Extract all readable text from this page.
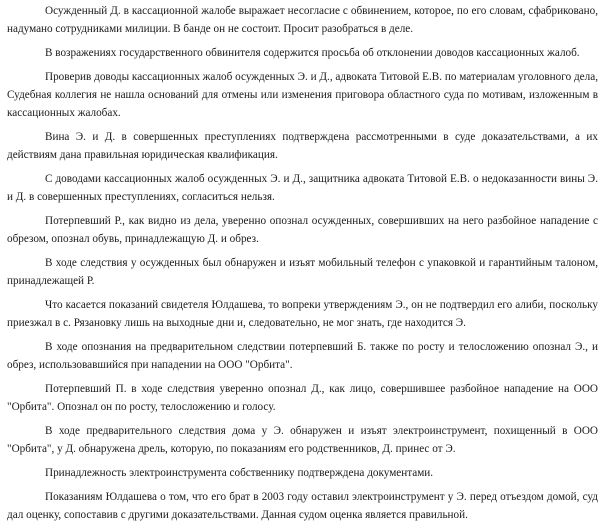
Осужденный Д. в кассационной жалобе выражает несогласие с обвинением, которое, по его словам, сфабриковано, надумано сотрудниками милиции. В банде он не состоит. Просит разобраться в деле.

В возражениях государственного обвинителя содержится просьба об отклонении доводов кассационных жалоб.

Проверив доводы кассационных жалоб осужденных Э. и Д., адвоката Титовой Е.В. по материалам уголовного дела, Судебная коллегия не нашла оснований для отмены или изменения приговора областного суда по мотивам, изложенным в кассационных жалобах.

Вина Э. и Д. в совершенных преступлениях подтверждена рассмотренными в суде доказательствами, а их действиям дана правильная юридическая квалификация.

С доводами кассационных жалоб осужденных Э. и Д., защитника адвоката Титовой Е.В. о недоказанности вины Э. и Д. в совершенных преступлениях, согласиться нельзя.

Потерпевший Р., как видно из дела, уверенно опознал осужденных, совершивших на него разбойное нападение с обрезом, опознал обувь, принадлежащую Д. и обрез.

В ходе следствия у осужденных был обнаружен и изъят мобильный телефон с упаковкой и гарантийным талоном, принадлежащей Р.

Что касается показаний свидетеля Юлдашева, то вопреки утверждениям Э., он не подтвердил его алиби, поскольку приезжал в с. Рязановку лишь на выходные дни и, следовательно, не мог знать, где находится Э.

В ходе опознания на предварительном следствии потерпевший Б. также по росту и телосложению опознал Э., и обрез, использовавшийся при нападении на ООО "Орбита".

Потерпевший П. в ходе следствия уверенно опознал Д., как лицо, совершившее разбойное нападение на ООО "Орбита". Опознал он по росту, телосложению и голосу.

В ходе предварительного следствия дома у Э. обнаружен и изъят электроинструмент, похищенный в ООО "Орбита", у Д. обнаружена дрель, которую, по показаниям его родственников, Д. принес от Э.

Принадлежность электроинструмента собственнику подтверждена документами.

Показаниям Юлдашева о том, что его брат в 2003 году оставил электроинструмент у Э. перед отъездом домой, суд дал оценку, сопоставив с другими доказательствами. Данная судом оценка является правильной.
